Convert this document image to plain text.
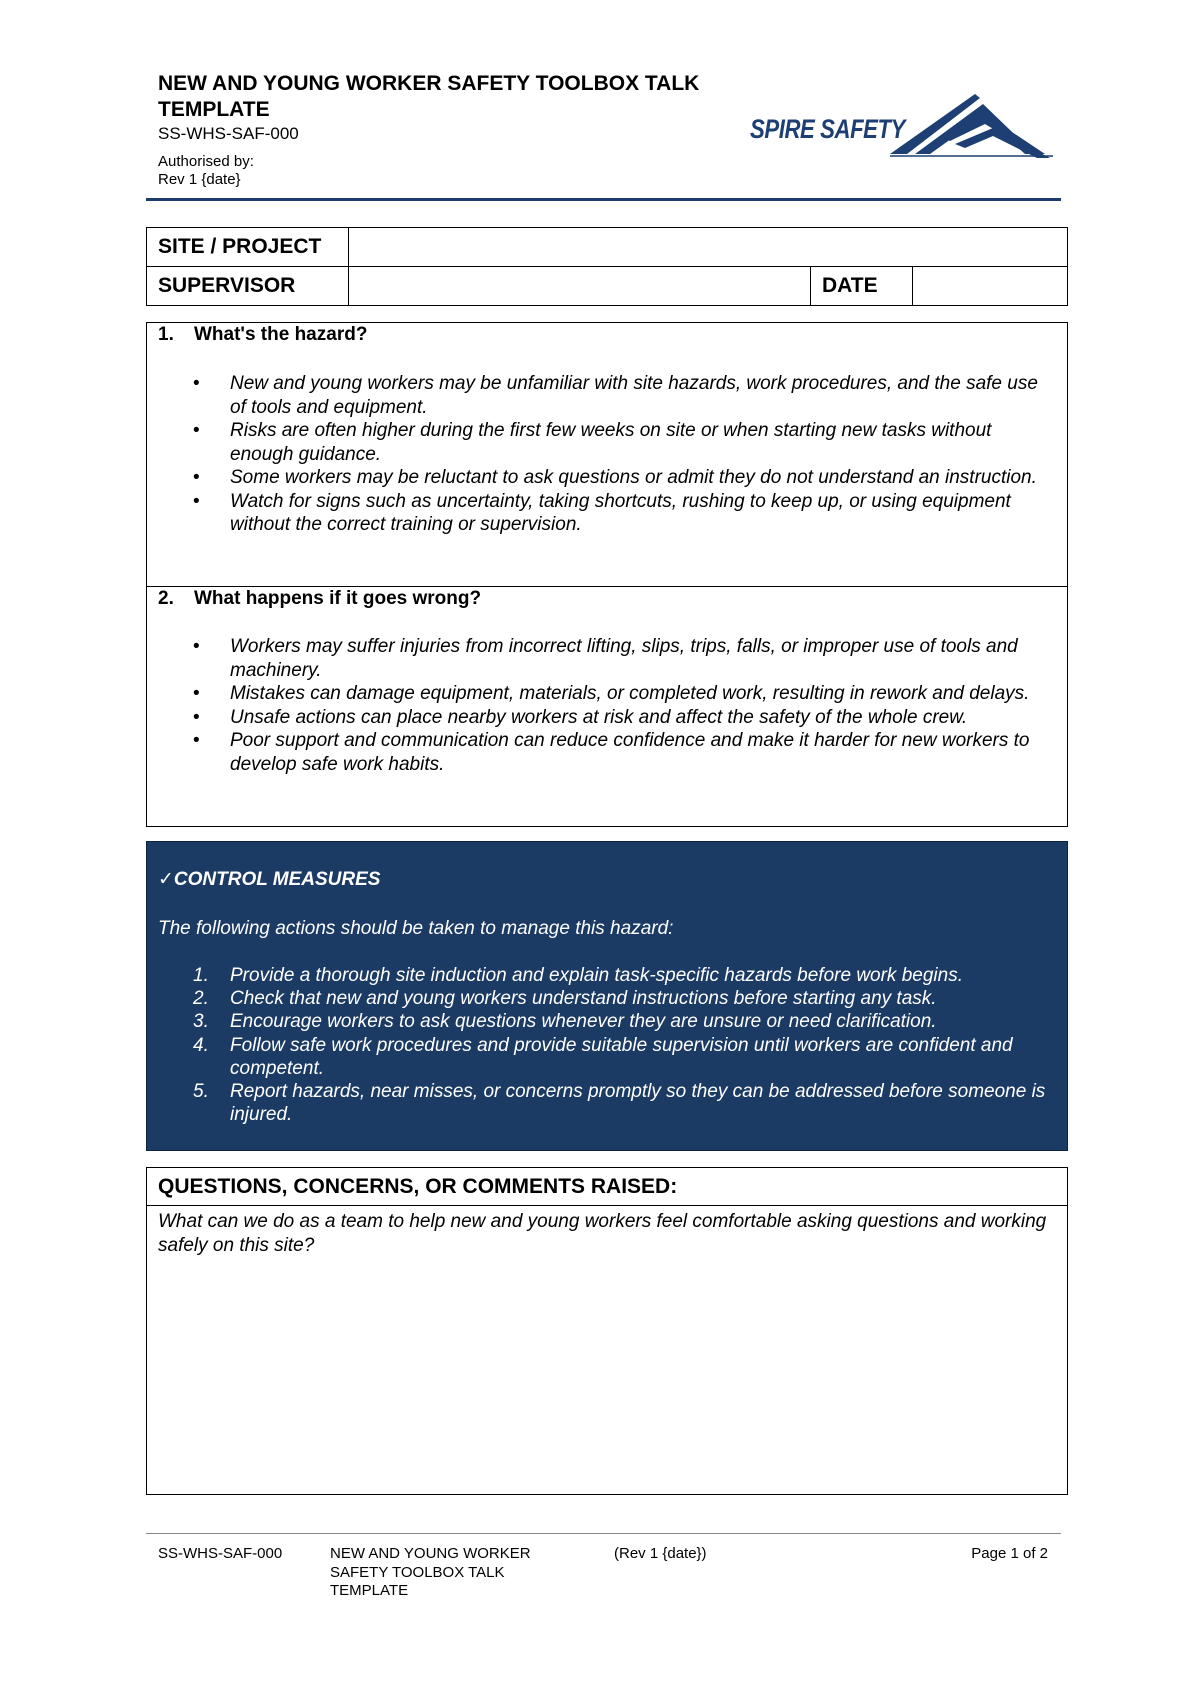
NEW AND YOUNG WORKER SAFETY TOOLBOX TALK TEMPLATE
SS-WHS-SAF-000
Authorised by:
Rev 1 {date}
SPIRE SAFETY
SITE / PROJECT			
SUPERVISOR		DATE	
1. What's the hazard?
• New and young workers may be unfamiliar with site hazards, work procedures, and the safe use of tools and equipment.
• Risks are often higher during the first few weeks on site or when starting new tasks without enough guidance.
• Some workers may be reluctant to ask questions or admit they do not understand an instruction.
• Watch for signs such as uncertainty, taking shortcuts, rushing to keep up, or using equipment without the correct training or supervision.
2. What happens if it goes wrong?
• Workers may suffer injuries from incorrect lifting, slips, trips, falls, or improper use of tools and machinery.
• Mistakes can damage equipment, materials, or completed work, resulting in rework and delays.
• Unsafe actions can place nearby workers at risk and affect the safety of the whole crew.
• Poor support and communication can reduce confidence and make it harder for new workers to develop safe work habits.
✓CONTROL MEASURES
The following actions should be taken to manage this hazard:
1. Provide a thorough site induction and explain task-specific hazards before work begins.
2. Check that new and young workers understand instructions before starting any task.
3. Encourage workers to ask questions whenever they are unsure or need clarification.
4. Follow safe work procedures and provide suitable supervision until workers are confident and competent.
5. Report hazards, near misses, or concerns promptly so they can be addressed before someone is injured.
QUESTIONS, CONCERNS, OR COMMENTS RAISED:
What can we do as a team to help new and young workers feel comfortable asking questions and working safely on this site?
SS-WHS-SAF-000	NEW AND YOUNG WORKER SAFETY TOOLBOX TALK TEMPLATE
(Rev 1 {date})	Page 1 of 2
